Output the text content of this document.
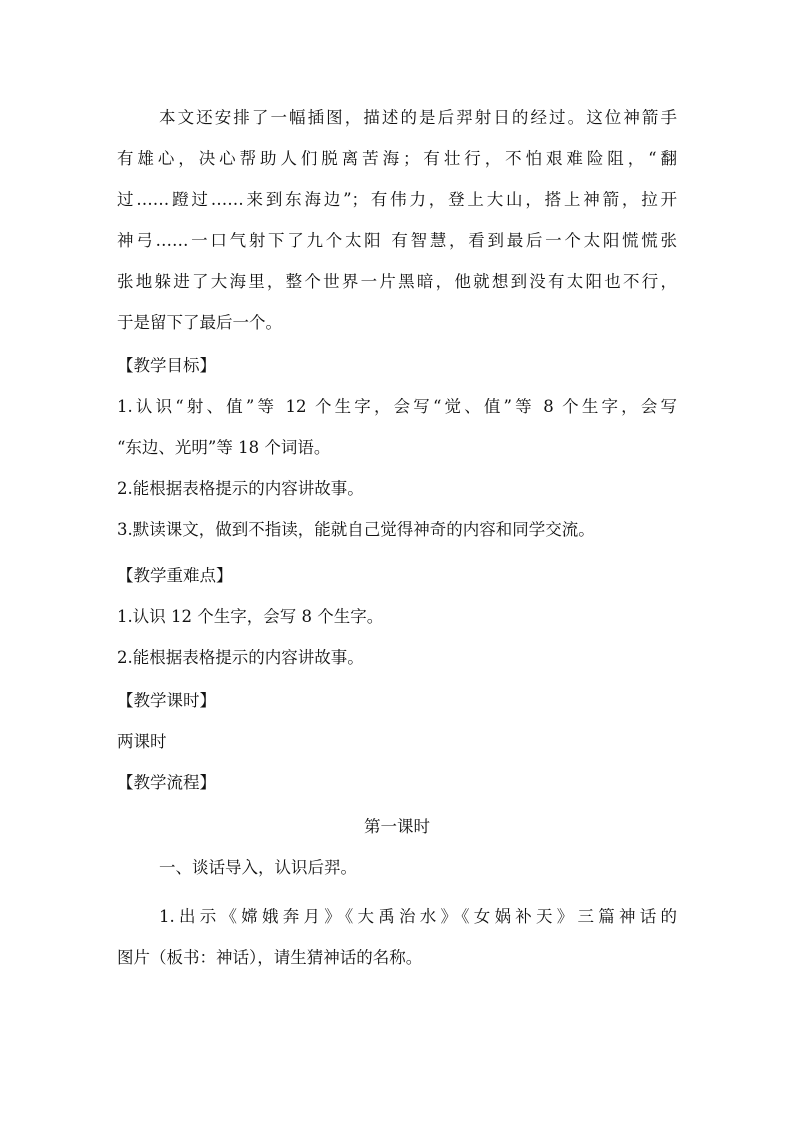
本文还安排了一幅插图，描述的是后羿射日的经过。这位神箭手
有雄心，决心帮助人们脱离苦海；有壮行，不怕艰难险阻，“翻
过……蹬过……来到东海边”；有伟力，登上大山，搭上神箭，拉开
神弓……一口气射下了九个太阳 有智慧，看到最后一个太阳慌慌张
张地躲进了大海里，整个世界一片黑暗，他就想到没有太阳也不行，
于是留下了最后一个。
【教学目标】
1.认识“射、值”等 12 个生字，会写“觉、值”等 8 个生字，会写
“东边、光明”等 18 个词语。
2.能根据表格提示的内容讲故事。
3.默读课文，做到不指读，能就自己觉得神奇的内容和同学交流。
【教学重难点】
1.认识 12 个生字，会写 8 个生字。
2.能根据表格提示的内容讲故事。
【教学课时】
两课时
【教学流程】
第一课时
一、谈话导入，认识后羿。
1.出示《嫦娥奔月》《大禹治水》《女娲补天》三篇神话的
图片（板书：神话），请生猜神话的名称。
